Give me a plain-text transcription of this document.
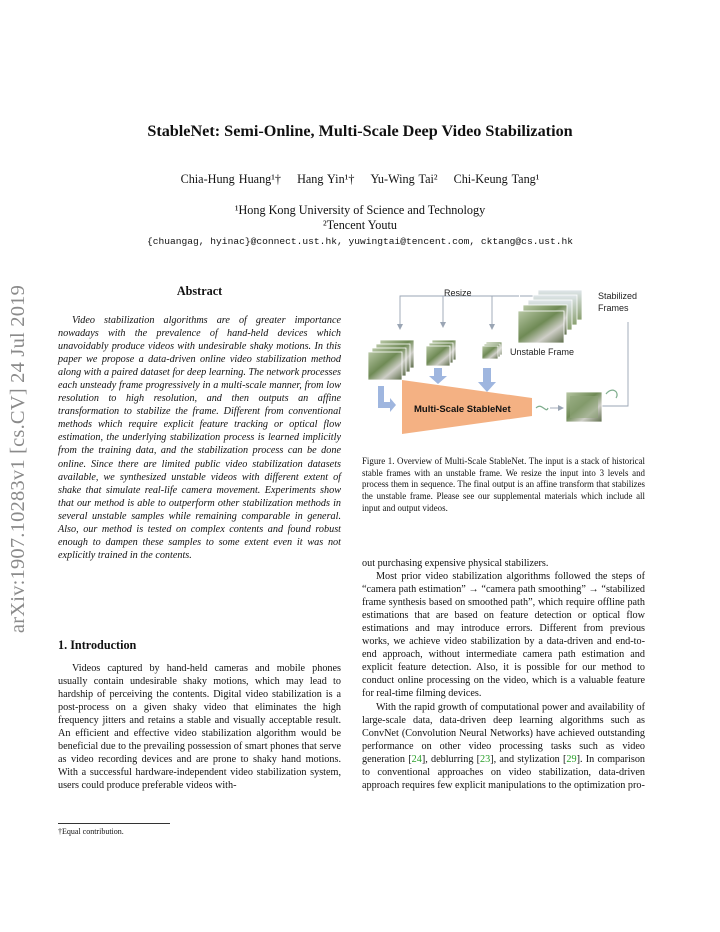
arXiv:1907.10283v1 [cs.CV] 24 Jul 2019
StableNet: Semi-Online, Multi-Scale Deep Video Stabilization
Chia-Hung Huang¹† Hang Yin¹† Yu-Wing Tai² Chi-Keung Tang¹
¹Hong Kong University of Science and Technology
²Tencent Youtu
{chuangag, hyinac}@connect.ust.hk, yuwingtai@tencent.com, cktang@cs.ust.hk
Abstract

Video stabilization algorithms are of greater importance nowadays with the prevalence of hand-held devices which unavoidably produce videos with undesirable shaky motions. In this paper we propose a data-driven online video stabilization method along with a paired dataset for deep learning. The network processes each unsteady frame progressively in a multi-scale manner, from low resolution to high resolution, and then outputs an affine transformation to stabilize the frame. Different from conventional methods which require explicit feature tracking or optical flow estimation, the underlying stabilization process is learned implicitly from the training data, and the stabilization process can be done online. Since there are limited public video stabilization datasets available, we synthesized unstable videos with different extent of shake that simulate real-life camera movement. Experiments show that our method is able to outperform other stabilization methods in several unstable samples while remaining comparable in general. Also, our method is tested on complex contents and found robust enough to dampen these samples to some extent even it was not explicitly trained in the contents.

1. Introduction

Videos captured by hand-held cameras and mobile phones usually contain undesirable shaky motions, which may lead to hardship of perceiving the contents. Digital video stabilization is a post-process on a given shaky video that eliminates the high frequency jitters and retains a stable and visually acceptable result. An efficient and effective video stabilization algorithm would be beneficial due to the prevailing possession of smart phones that serve as video recording devices and are prone to shaky hand motions. With a successful hardware-independent video stabilization system, users could produce preferable videos with-

†Equal contribution.
Resize	Stabilized
Frames
Unstable Frame
Multi-Scale StableNet
Figure 1. Overview of Multi-Scale StableNet. The input is a stack of historical stable frames with an unstable frame. We resize the input into 3 levels and process them in sequence. The final output is an affine transform that stabilizes the unstable frame. Please see our supplemental materials which include all input and output videos.
out purchasing expensive physical stabilizers.

Most prior video stabilization algorithms followed the steps of “camera path estimation” → “camera path smoothing” → “stabilized frame synthesis based on smoothed path”, which require offline path estimations that are based on feature detection or optical flow estimations and may introduce errors. Different from previous works, we achieve video stabilization by a data-driven and end-to-end approach, without intermediate camera path estimation and explicit feature detection. Also, it is possible for our method to conduct online processing on the video, which is a valuable feature for real-time filming devices.

With the rapid growth of computational power and availability of large-scale data, data-driven deep learning algorithms such as ConvNet (Convolution Neural Networks) have achieved outstanding performance on other video processing tasks such as video generation [24], deblurring [23], and stylization [29]. In comparison to conventional approaches on video stabilization, data-driven approach requires few explicit manipulations to the optimization pro-
